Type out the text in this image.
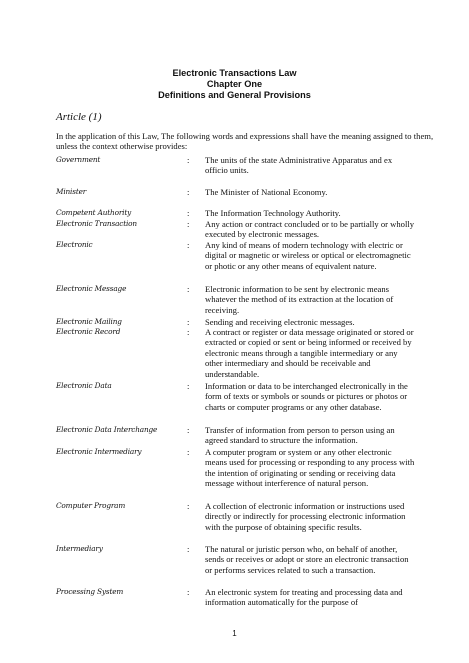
Electronic Transactions Law
Chapter One
Definitions and General Provisions
Article (1)
In the application of this Law, The following words and expressions shall have the meaning assigned to them, unless the context otherwise provides:
Government	: The units of the state Administrative Apparatus and ex officio units.
Minister	: The Minister of National Economy.
Competent Authority	: The Information Technology Authority.
Electronic Transaction	: Any action or contract concluded or to be partially or wholly executed by electronic messages.
Electronic	: Any kind of means of modern technology with electric or digital or magnetic or wireless or optical or electromagnetic or photic or any other means of equivalent nature.
Electronic Message	: Electronic information to be sent by electronic means whatever the method of its extraction at the location of receiving.
Electronic Mailing	: Sending and receiving electronic messages.
Electronic Record	: A contract or register or data message originated or stored or extracted or copied or sent or being informed or received by electronic means through a tangible intermediary or any other intermediary and should be receivable and understandable.
Electronic Data	: Information or data to be interchanged electronically in the form of texts or symbols or sounds or pictures or photos or charts or computer programs or any other database.
Electronic Data Interchange	: Transfer of information from person to person using an agreed standard to structure the information.
Electronic Intermediary	: A computer program or system or any other electronic means used for processing or responding to any process with the intention of originating or sending or receiving data message without interference of natural person.
Computer Program	: A collection of electronic information or instructions used directly or indirectly for processing electronic information with the purpose of obtaining specific results.
Intermediary	: The natural or juristic person who, on behalf of another, sends or receives or adopt or store an electronic transaction or performs services related to such a transaction.
Processing System	: An electronic system for treating and processing data and information automatically for the purpose of
1
